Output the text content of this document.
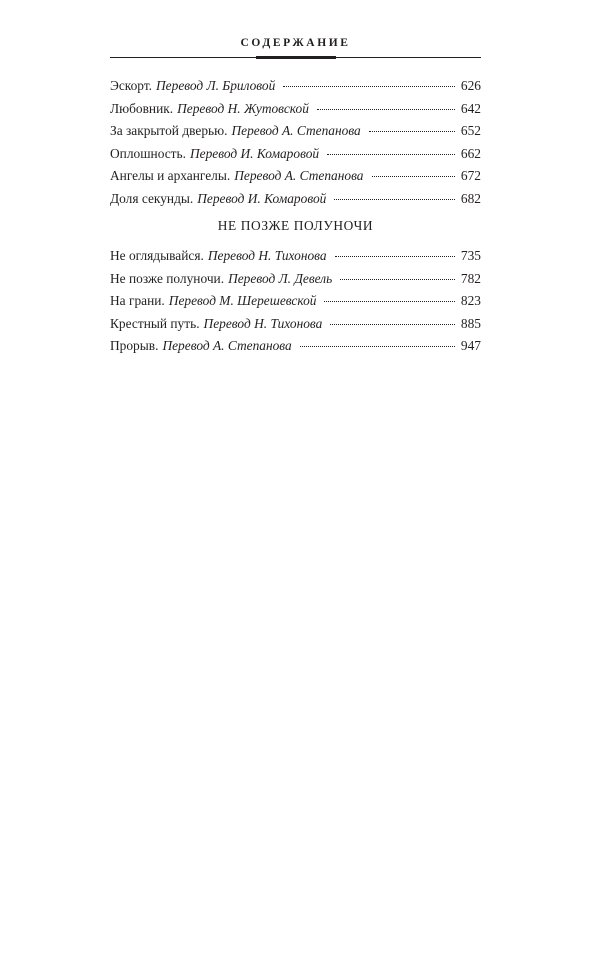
СОДЕРЖАНИЕ
Эскорт. Перевод Л. Бриловой	626
Любовник. Перевод Н. Жутовской	642
За закрытой дверью. Перевод А. Степанова	652
Оплошность. Перевод И. Комаровой	662
Ангелы и архангелы. Перевод А. Степанова	672
Доля секунды. Перевод И. Комаровой	682
НЕ ПОЗЖЕ ПОЛУНОЧИ
Не оглядывайся. Перевод Н. Тихонова	735
Не позже полуночи. Перевод Л. Девель	782
На грани. Перевод М. Шерешевской	823
Крестный путь. Перевод Н. Тихонова	885
Прорыв. Перевод А. Степанова	947
